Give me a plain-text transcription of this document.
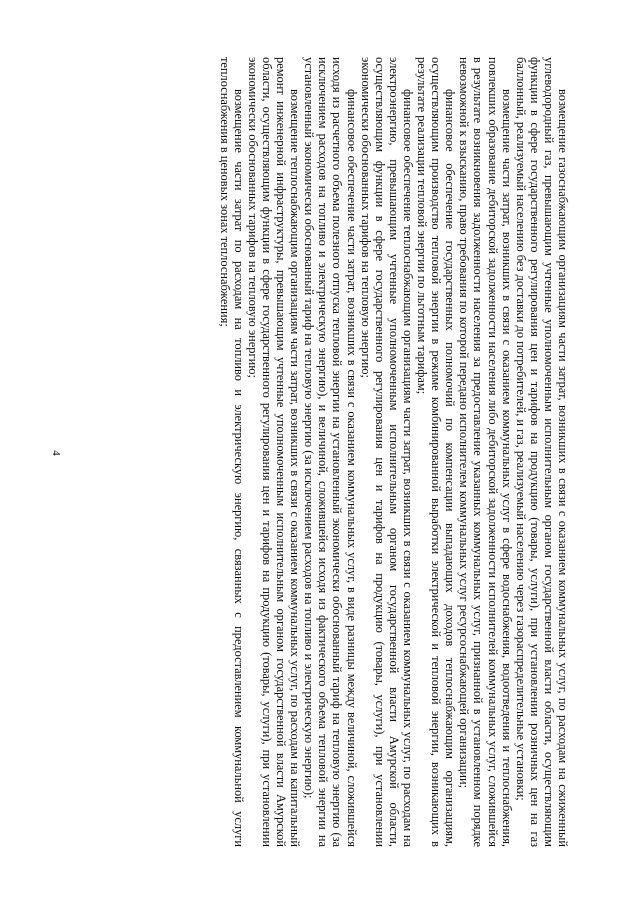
4	возмещение газоснабжающим организациям части затрат, возникших в связи с оказанием коммунальных услуг, по расходам на сжиженный углеводородный газ, превышающим учтенные уполномоченным исполнительным органом государственной власти области, осуществляющим функции в сфере государственного регулирования цен и тарифов на продукцию (товары, услуги), при установлении розничных цен на газ баллонный, реализуемый населению без доставки до потребителей, и газ, реализуемый населению через газораспределительные установки;

возмещение части затрат, возникших в связи с оказанием коммунальных услуг в сфере водоснабжения, водоотведения и теплоснабжения, повлекших образование дебиторской задолженности населения либо дебиторской задолженности исполнителей коммунальных услуг, сложившейся в результате возникновения задолженности населения за предоставление указанных коммунальных услуг, признанной в установленном порядке невозможной к взысканию, право требования по которой передано исполнителем коммунальных услуг ресурсоснабжающей организации;

финансовое обеспечение государственных полномочий по компенсации выпадающих доходов теплоснабжающим организациям, осуществляющим производство тепловой энергии в режиме комбинированной выработки электрической и тепловой энергии, возникающих в результате реализации тепловой энергии по льготным тарифам;

финансовое обеспечение теплоснабжающим организациям части затрат, возникших в связи с оказанием коммунальных услуг, по расходам на электроэнергию, превышающим учтенные уполномоченным исполнительным органом государственной власти Амурской области, осуществляющим функции в сфере государственного регулирования цен и тарифов на продукцию (товары, услуги), при установлении экономически обоснованных тарифов на тепловую энергию;

финансовое обеспечение части затрат, возникших в связи с оказанием коммунальных услуг, в виде разницы между величиной, сложившейся исходя из расчетного объема полезного отпуска тепловой энергии на установленный экономически обоснованный тариф на тепловую энергию (за исключением расходов на топливо и электрическую энергию), и величиной, сложившейся исходя из фактического объема тепловой энергии на установленный экономически обоснованный тариф на тепловую энергию (за исключением расходов на топливо и электрическую энергию);

возмещение теплоснабжающим организациям части затрат, возникших в связи с оказанием коммунальных услуг, по расходам на капитальный ремонт инженерной инфраструктуры, превышающим учтенные уполномоченным исполнительным органом государственной власти Амурской области, осуществляющим функции в сфере государственного регулирования цен и тарифов на продукцию (товары, услуги), при установлении экономически обоснованных тарифов на тепловую энергию;

возмещение части затрат по расходам на топливо и электрическую энергию, связанных с предоставлением коммунальной услуги теплоснабжения в ценовых зонах теплоснабжения;
